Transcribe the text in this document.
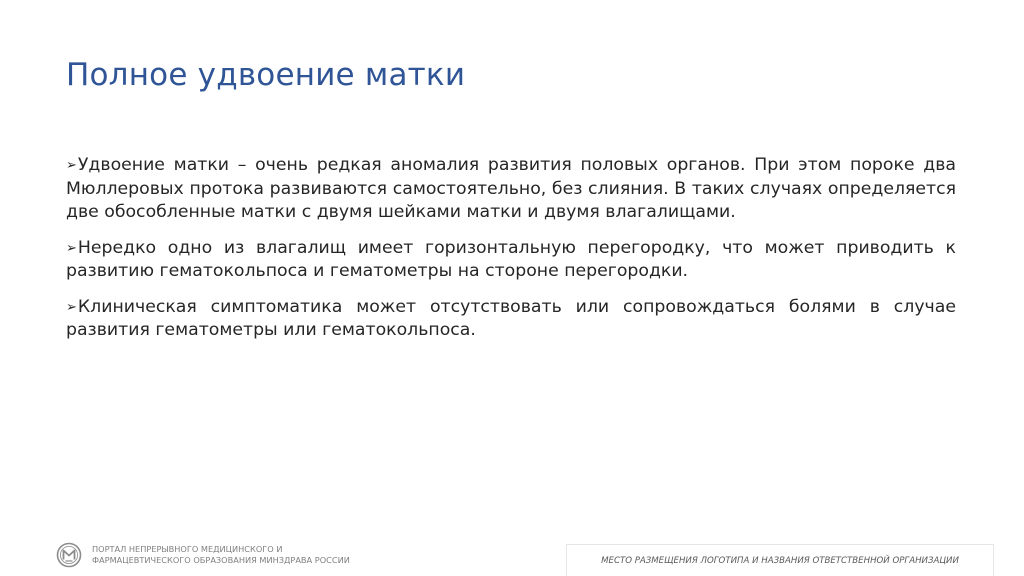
Полное удвоение матки

➢Удвоение матки – очень редкая аномалия развития половых органов. При этом пороке два Мюллеровых протока развиваются самостоятельно, без слияния. В таких случаях определяется две обособленные матки с двумя шейками матки и двумя влагалищами.

➢Нередко одно из влагалищ имеет горизонтальную перегородку, что может приводить к развитию гематокольпоса и гематометры на стороне перегородки.

➢Клиническая симптоматика может отсутствовать или сопровождаться болями в случае развития гематометры или гематокольпоса.

ПОРТАЛ НЕПРЕРЫВНОГО МЕДИЦИНСКОГО И
ФАРМАЦЕВТИЧЕСКОГО ОБРАЗОВАНИЯ МИНЗДРАВА РОССИИ	МЕСТО РАЗМЕЩЕНИЯ ЛОГОТИПА И НАЗВАНИЯ ОТВЕТСТВЕННОЙ ОРГАНИЗАЦИИ
